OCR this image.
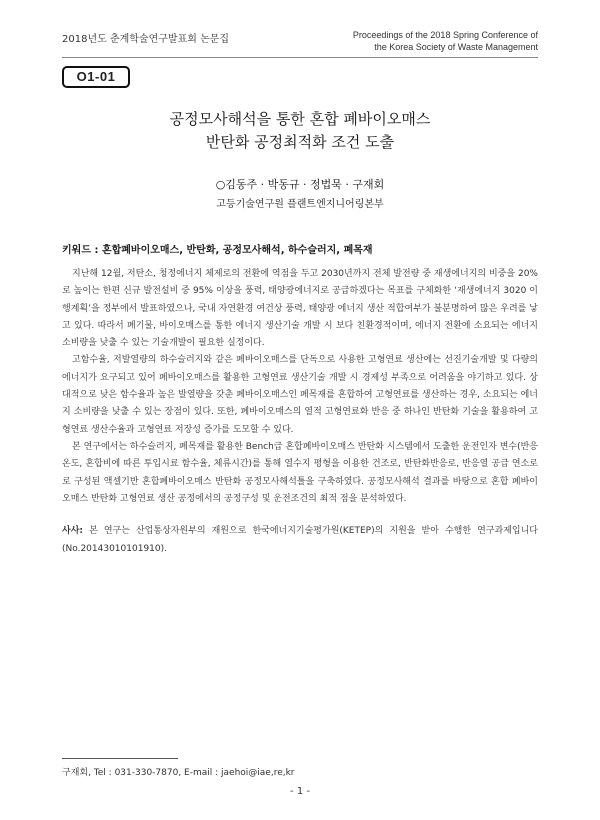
2018년도 춘계학술연구발표회 논문집	Proceedings of the 2018 Spring Conference of
the Korea Society of Waste Management
O1-01
공정모사해석을 통한 혼합 폐바이오매스
반탄화 공정최적화 조건 도출
○김동주 · 박동규 · 정법묵 · 구재회
고등기술연구원 플랜트엔지니어링본부
키워드 : 혼합폐바이오매스, 반탄화, 공정모사해석, 하수슬러지, 폐목재

지난해 12월, 저탄소, 청정에너지 체제로의 전환에 역점을 두고 2030년까지 전체 발전량 중 재생에너지의 비중을 20%로 높이는 한편 신규 발전설비 중 95% 이상을 풍력, 태양광에너지로 공급하겠다는 목표를 구체화한 ‘재생에너지 3020 이행계획’을 정부에서 발표하였으나, 국내 자연환경 여건상 풍력, 태양광 에너지 생산 적합여부가 불분명하여 많은 우려를 낳고 있다. 따라서 폐기물, 바이오매스를 통한 에너지 생산기술 개발 시 보다 친환경적이며, 에너지 전환에 소요되는 에너지 소비량을 낮출 수 있는 기술개발이 필요한 실정이다.

고함수율, 저발열량의 하수슬러지와 같은 폐바이오매스를 단독으로 사용한 고형연료 생산에는 선진기술개발 및 다량의 에너지가 요구되고 있어 폐바이오매스를 활용한 고형연료 생산기술 개발 시 경제성 부족으로 어려움을 야기하고 있다. 상대적으로 낮은 함수율과 높은 발열량을 갖춘 폐바이오매스인 폐목재를 혼합하여 고형연료를 생산하는 경우, 소요되는 에너지 소비량을 낮출 수 있는 장점이 있다. 또한, 폐바이오매스의 열적 고형연료화 반응 중 하나인 반탄화 기술을 활용하여 고형연료 생산수율과 고형연료 저장성 증가를 도모할 수 있다.

본 연구에서는 하수슬러지, 폐목재를 활용한 Bench급 혼합폐바이오매스 반탄화 시스템에서 도출한 운전인자 변수(반응온도, 혼합비에 따른 투입시료 함수율, 체류시간)를 통해 열수지 평형을 이용한 건조로, 반탄화반응로, 반응열 공급 연소로로 구성된 액셀기반 혼합폐바이오매스 반탄화 공정모사해석틀을 구축하였다. 공정모사해석 결과를 바탕으로 혼합 폐바이오매스 반탄화 고형연료 생산 공정에서의 공정구성 및 운전조건의 최적 점을 분석하였다.

사사: 본 연구는 산업통상자원부의 재원으로 한국에너지기술평가원(KETEP)의 지원을 받아 수행한 연구과제입니다(No.20143010101910).
구재회, Tel : 031-330-7870, E-mail : jaehoi@iae,re,kr
- 1 -
